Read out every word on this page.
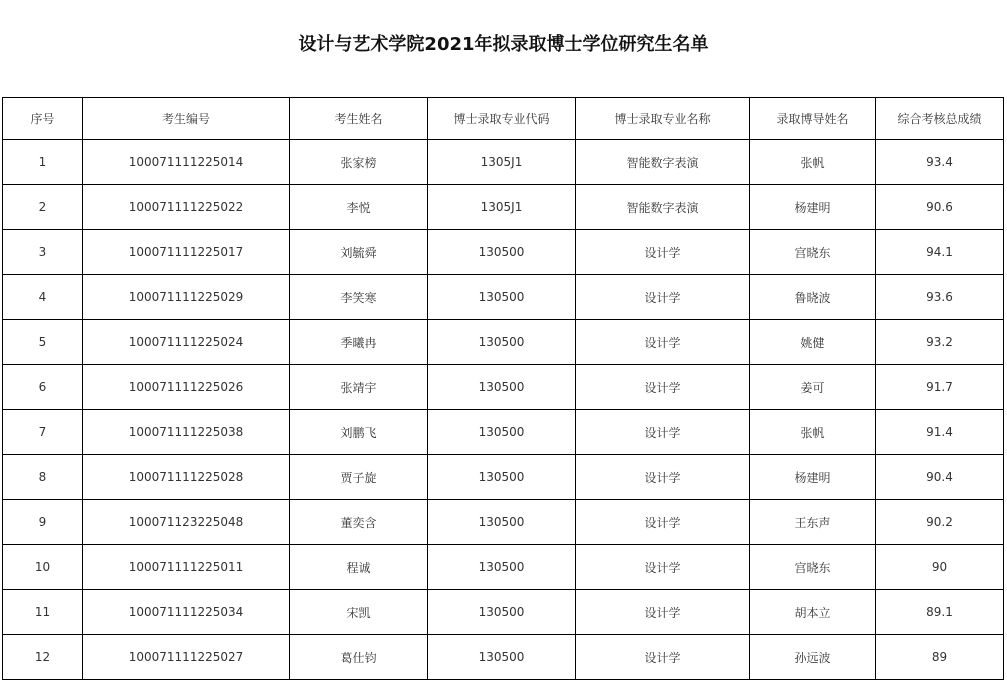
设计与艺术学院2021年拟录取博士学位研究生名单
序号	考生编号	考生姓名	博士录取专业代码	博士录取专业名称	录取博导姓名	综合考核总成绩
1	100071111225014	张家榜	1305J1	智能数字表演	张帆	93.4
2	100071111225022	李悦	1305J1	智能数字表演	杨建明	90.6
3	100071111225017	刘毓舜	130500	设计学	宫晓东	94.1
4	100071111225029	李笑寒	130500	设计学	鲁晓波	93.6
5	100071111225024	季曦冉	130500	设计学	姚健	93.2
6	100071111225026	张靖宇	130500	设计学	姜可	91.7
7	100071111225038	刘鹏飞	130500	设计学	张帆	91.4
8	100071111225028	贾子旋	130500	设计学	杨建明	90.4
9	100071123225048	董奕含	130500	设计学	王东声	90.2
10	100071111225011	程诚	130500	设计学	宫晓东	90
11	100071111225034	宋凯	130500	设计学	胡本立	89.1
12	100071111225027	葛仕钧	130500	设计学	孙远波	89
